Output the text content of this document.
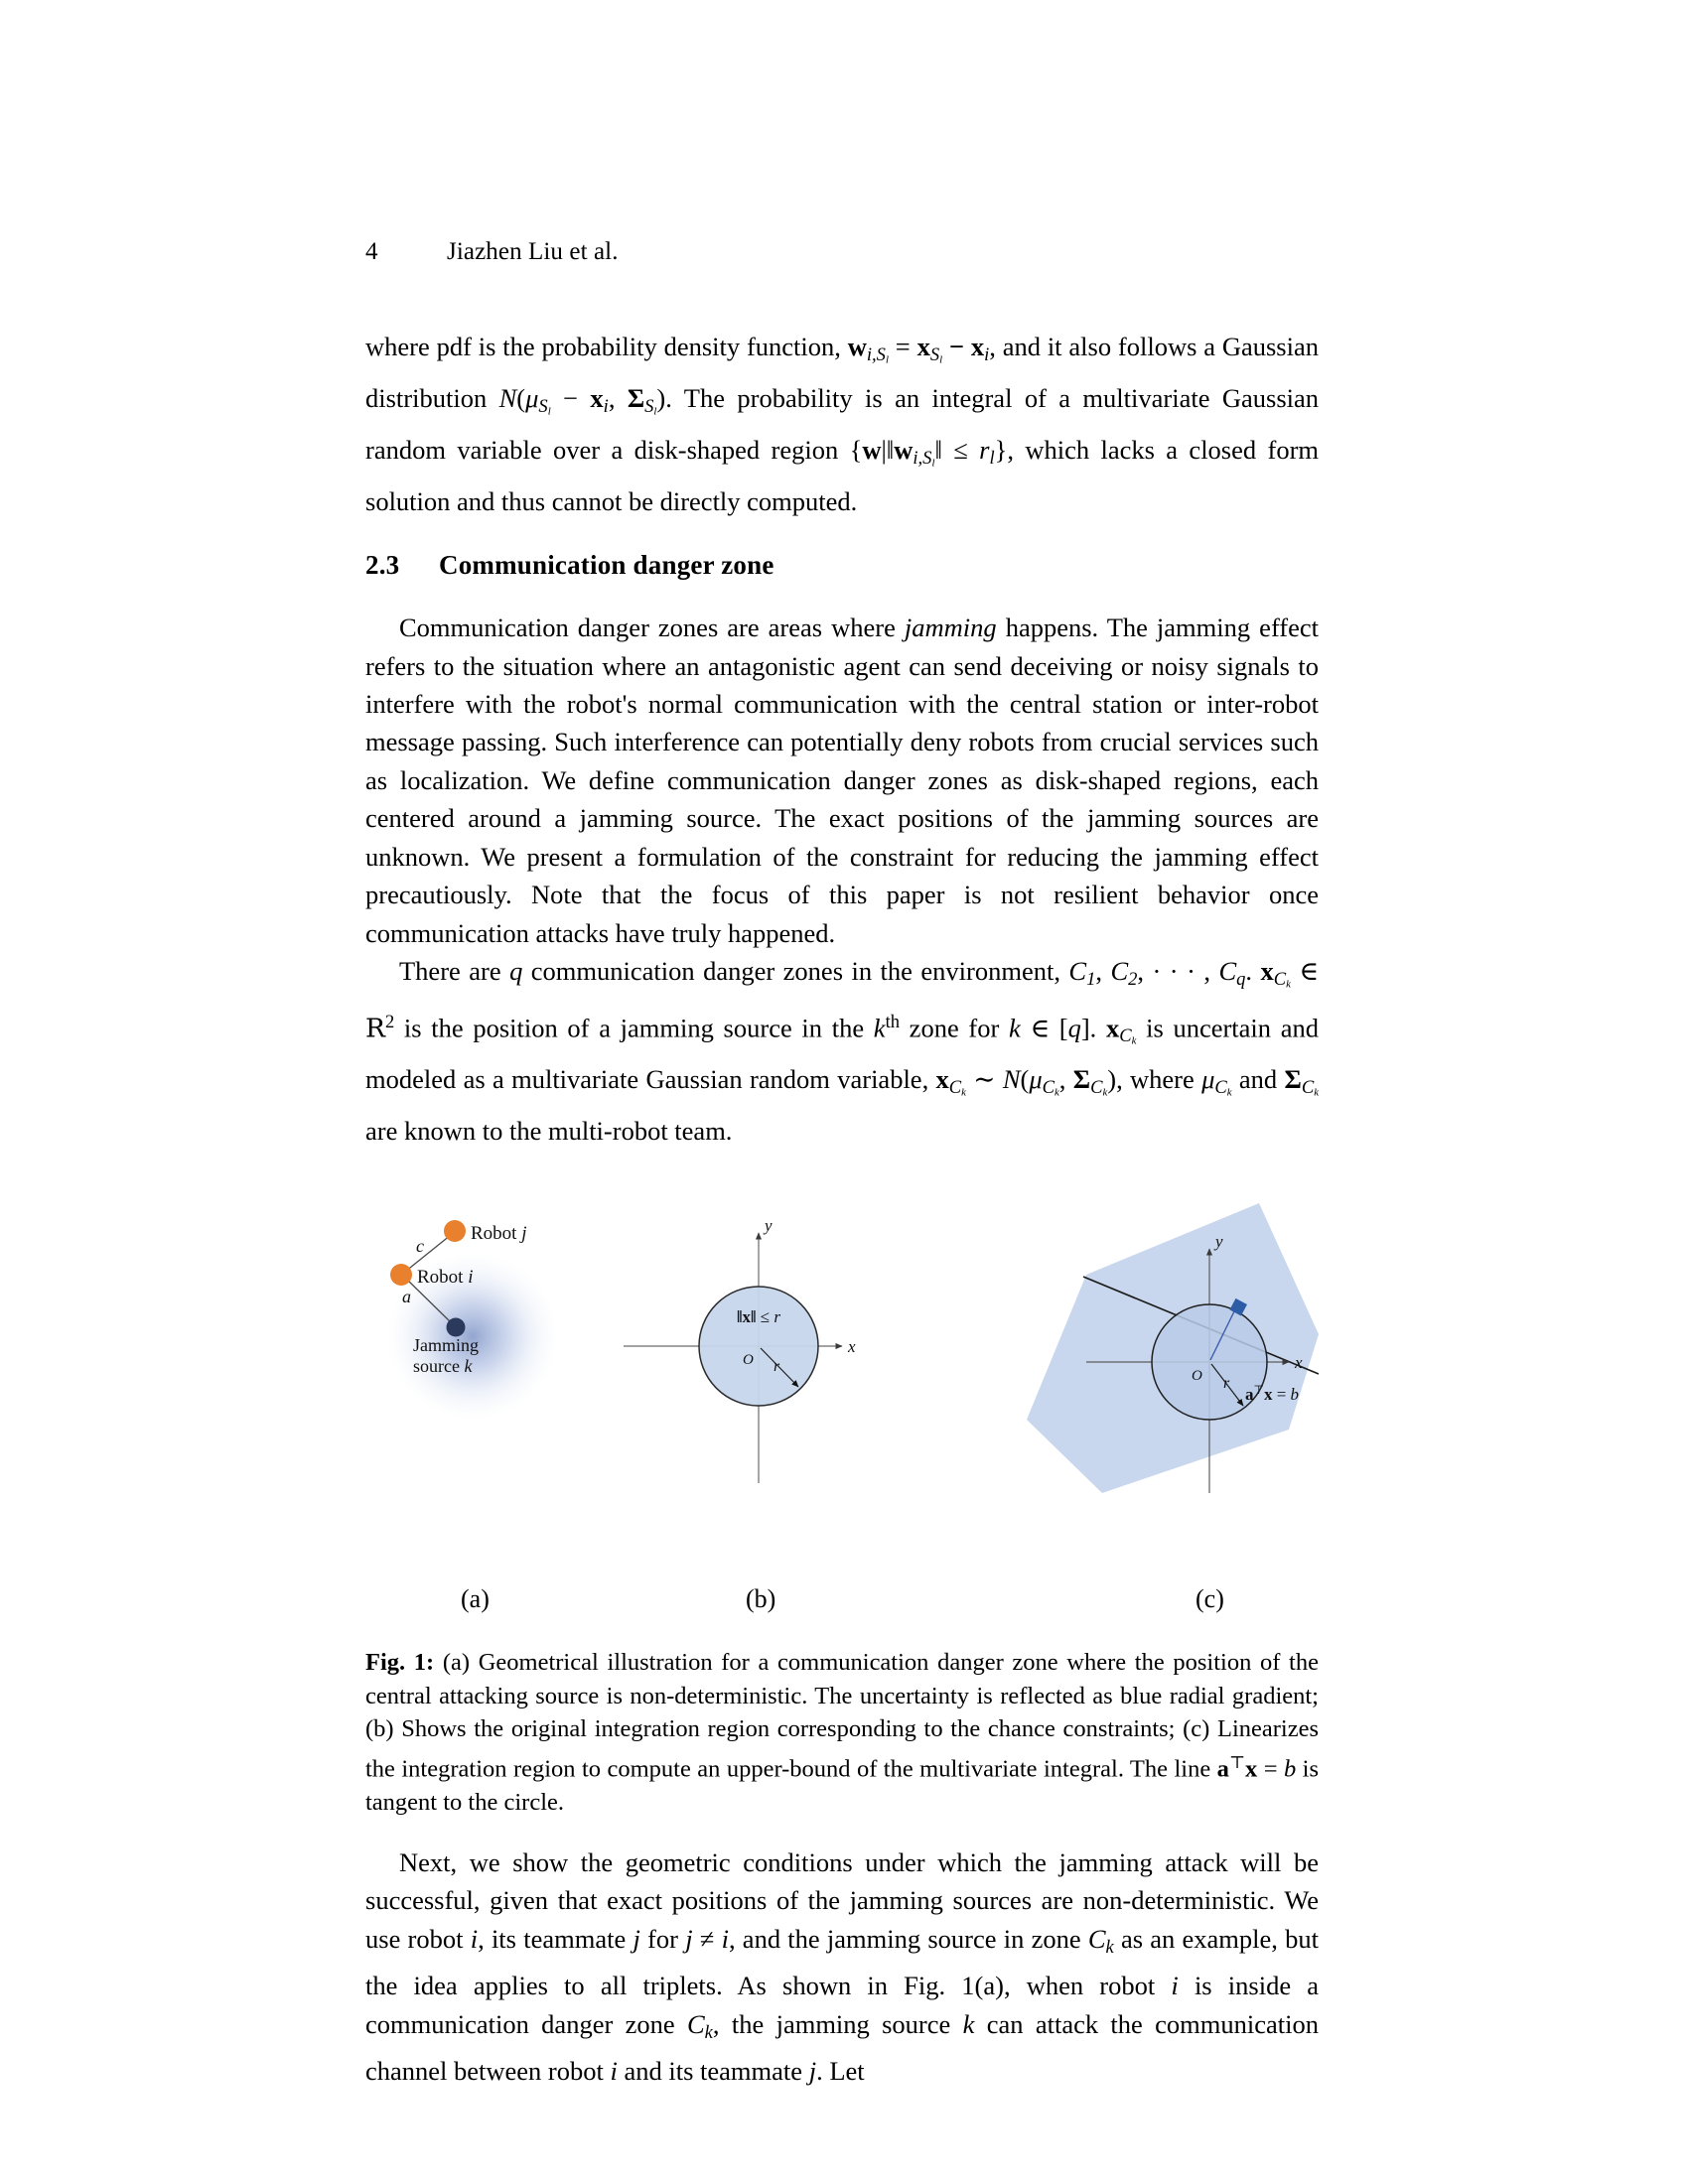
4	Jiazhen Liu et al.

where pdf is the probability density function, $w_{i,Sl} = x_{Sl} - x_i$, and it also follows a Gaussian distribution $N(\mu_{Sl} - x_i$, $\Sigma_{Sl}$). The probability is an integral of a multivariate Gaussian random variable over a disk-shaped region $\{w|‖w_{i,Sl}‖ \le r_l\}$, which lacks a closed form solution and thus cannot be directly computed.

2.3 Communication danger zone

Communication danger zones are areas where jamming happens. The jamming effect refers to the situation where an antagonistic agent can send deceiving or noisy signals to interfere with the robot's normal communication with the central station or inter-robot message passing. Such interference can potentially deny robots from crucial services such as localization. We define communication danger zones as disk-shaped regions, each centered around a jamming source. The exact positions of the jamming sources are unknown. We present a formulation of the constraint for reducing the jamming effect precautiously. Note that the focus of this paper is not resilient behavior once communication attacks have truly happened.

There are q communication danger zones in the environment, $C_1$, $C_2$, · · · , $C_q$. $x_{Ck}$ ∈ $R^2$ is the position of a jamming source in the $k^{th}$ zone for k ∈ [q]. $x_{Ck}$ is uncertain and modeled as a multivariate Gaussian random variable, $x_{Ck}$ ∼ $N(\mu_{Ck}$, $\Sigma_{Ck}$), where $\mu_{Ck}$ and $\Sigma_{Ck}$ are known to the multi-robot team.

Robot j
Robot i
a
c
Jamming
source k
x
y
‖x‖ ≤ r
O r	x
y
O r
a⊤x = b
(a)	(b)	(c)

Fig. 1: (a) Geometrical illustration for a communication danger zone where the position of the central attacking source is non-deterministic. The uncertainty is reflected as blue radial gradient; (b) Shows the original integration region corresponding to the chance constraints; (c) Linearizes the integration region to compute an upper-bound of the multivariate integral. The line a⊤x = b is tangent to the circle.

Next, we show the geometric conditions under which the jamming attack will be successful, given that exact positions of the jamming sources are non-deterministic. We use robot i, its teammate j for j ≠ i, and the jamming source in zone $C_k$ as an example, but the idea applies to all triplets. As shown in Fig. 1(a), when robot i is inside a communication danger zone $C_k$, the jamming source k can attack the communication channel between robot i and its teammate j. Let
